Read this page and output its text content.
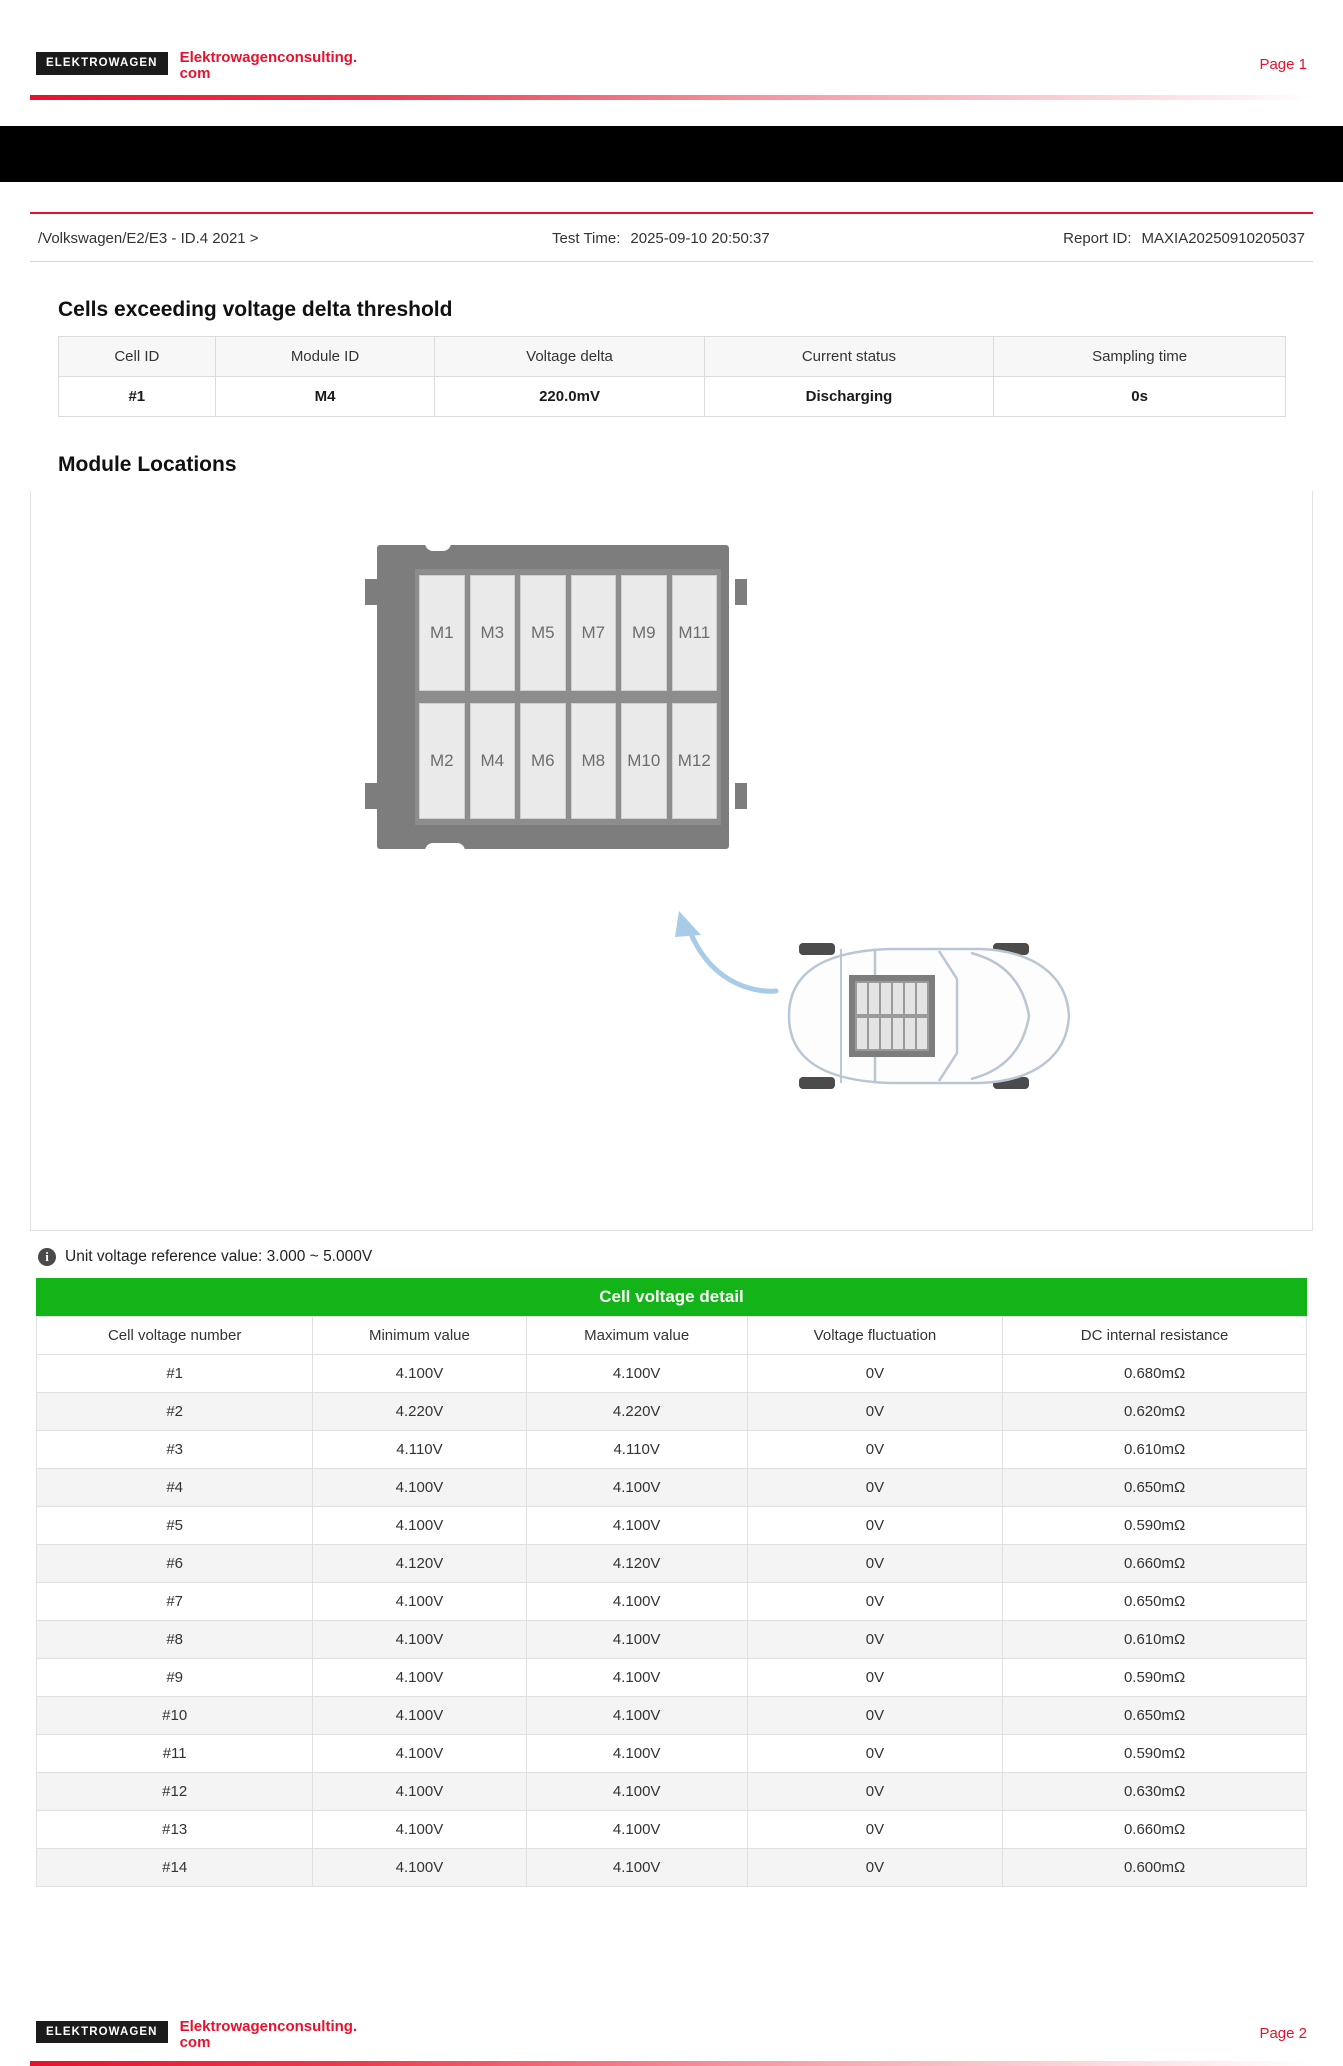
ELEKTROWAGEN	Elektrowagenconsulting.
com
Page 1
/Volkswagen/E2/E3 - ID.4 2021 >	Test Time: 2025-09-10 20:50:37	Report ID: MAXIA20250910205037
Cells exceeding voltage delta threshold
Cell ID	Module ID	Voltage delta	Current status	Sampling time
#1	M4	220.0mV	Discharging	0s
Module Locations
M1	M3	M5	M7	M9	M11
M2	M4	M6	M8	M10	M12
i	Unit voltage reference value: 3.000 ~ 5.000V
Cell voltage detail
Cell voltage number	Minimum value	Maximum value	Voltage fluctuation	DC internal resistance
#1	4.100V	4.100V	0V	0.680mΩ
#2	4.220V	4.220V	0V	0.620mΩ
#3	4.110V	4.110V	0V	0.610mΩ
#4	4.100V	4.100V	0V	0.650mΩ
#5	4.100V	4.100V	0V	0.590mΩ
#6	4.120V	4.120V	0V	0.660mΩ
#7	4.100V	4.100V	0V	0.650mΩ
#8	4.100V	4.100V	0V	0.610mΩ
#9	4.100V	4.100V	0V	0.590mΩ
#10	4.100V	4.100V	0V	0.650mΩ
#11	4.100V	4.100V	0V	0.590mΩ
#12	4.100V	4.100V	0V	0.630mΩ
#13	4.100V	4.100V	0V	0.660mΩ
#14	4.100V	4.100V	0V	0.600mΩ
ELEKTROWAGEN	Elektrowagenconsulting.
com
Page 2
